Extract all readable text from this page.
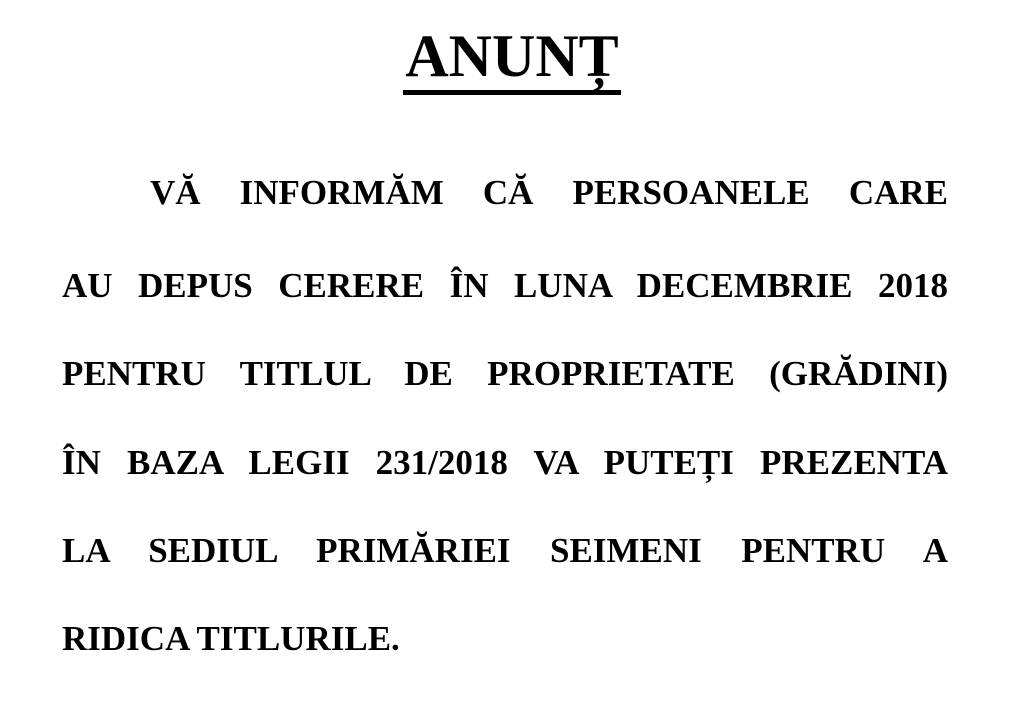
ANUNȚ

VĂ INFORMĂM CĂ PERSOANELE CARE

AU DEPUS CERERE ÎN LUNA DECEMBRIE 2018

PENTRU TITLUL DE PROPRIETATE (GRĂDINI)

ÎN BAZA LEGII 231/2018 VA PUTEȚI PREZENTA

LA SEDIUL PRIMĂRIEI SEIMENI PENTRU A

RIDICA TITLURILE.
